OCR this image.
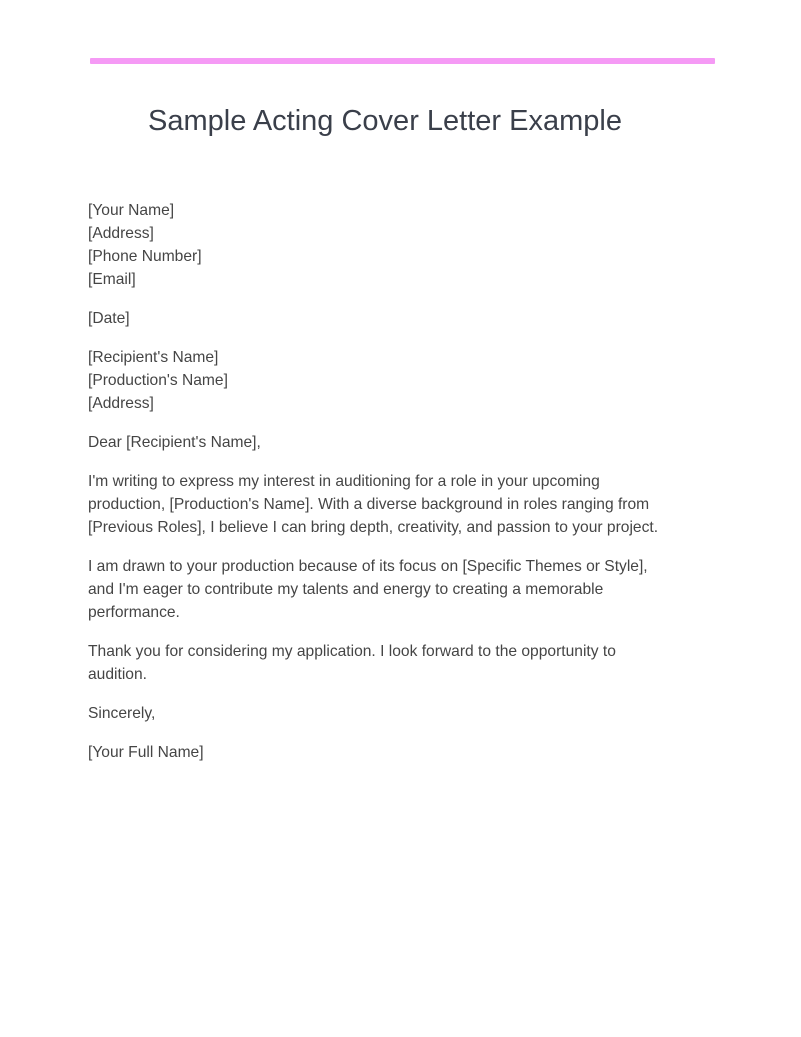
Sample Acting Cover Letter Example
[Your Name]
[Address]
[Phone Number]
[Email]
[Date]
[Recipient's Name]
[Production's Name]
[Address]
Dear [Recipient's Name],
I'm writing to express my interest in auditioning for a role in your upcoming
production, [Production's Name]. With a diverse background in roles ranging from
[Previous Roles], I believe I can bring depth, creativity, and passion to your project.
I am drawn to your production because of its focus on [Specific Themes or Style],
and I'm eager to contribute my talents and energy to creating a memorable
performance.
Thank you for considering my application. I look forward to the opportunity to
audition.
Sincerely,
[Your Full Name]
